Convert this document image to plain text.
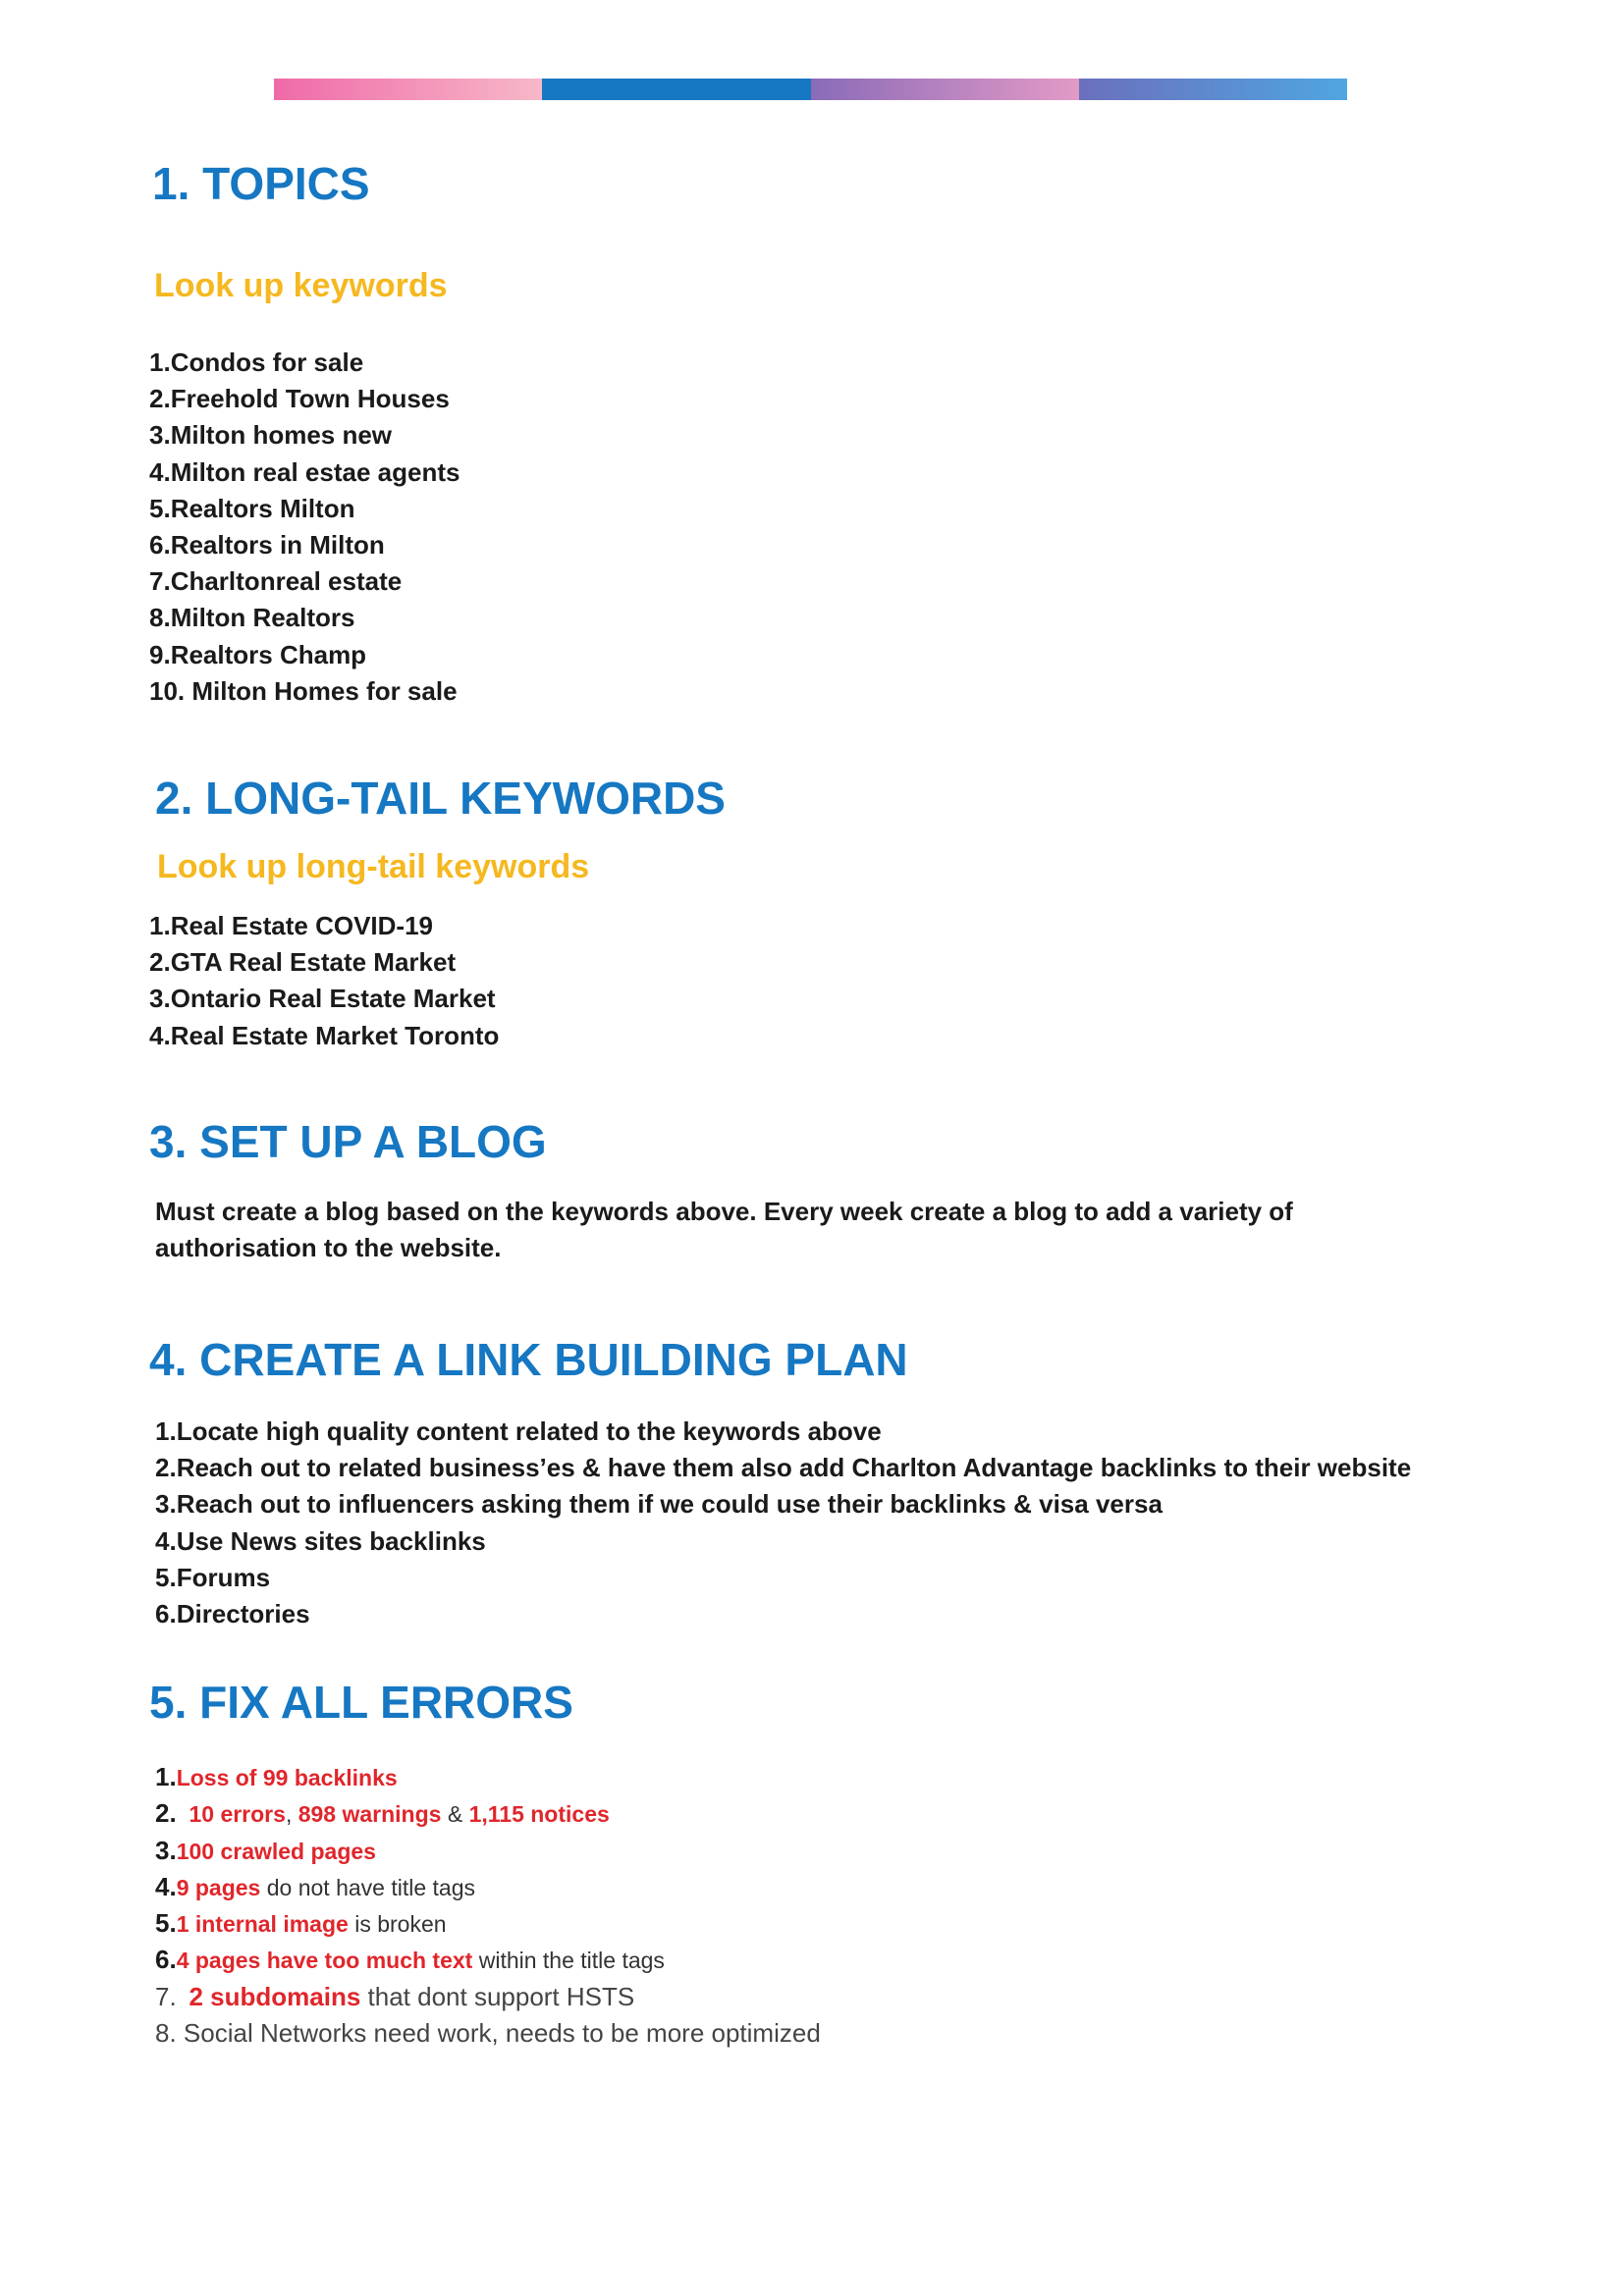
1. TOPICS
Look up keywords
1.Condos for sale
2.Freehold Town Houses
3.Milton homes new
4.Milton real estae agents
5.Realtors Milton
6.Realtors in Milton
7.Charltonreal estate
8.Milton Realtors
9.Realtors Champ
10. Milton Homes for sale
2. LONG-TAIL KEYWORDS
Look up long-tail keywords
1.Real Estate COVID-19
2.GTA Real Estate Market
3.Ontario Real Estate Market
4.Real Estate Market Toronto
3. SET UP A BLOG

Must create a blog based on the keywords above. Every week create a blog to add a variety of
authorisation to the website.

4. CREATE A LINK BUILDING PLAN
1.Locate high quality content related to the keywords above
2.Reach out to related business’es & have them also add Charlton Advantage backlinks to their website
3.Reach out to influencers asking them if we could use their backlinks & visa versa
4.Use News sites backlinks
5.Forums
6.Directories
5. FIX ALL ERRORS
1.Loss of 99 backlinks
2. 10 errors, 898 warnings & 1,115 notices
3.100 crawled pages
4.9 pages do not have title tags
5.1 internal image is broken
6.4 pages have too much text within the title tags
7. 2 subdomains that dont support HSTS
8. Social Networks need work, needs to be more optimized
